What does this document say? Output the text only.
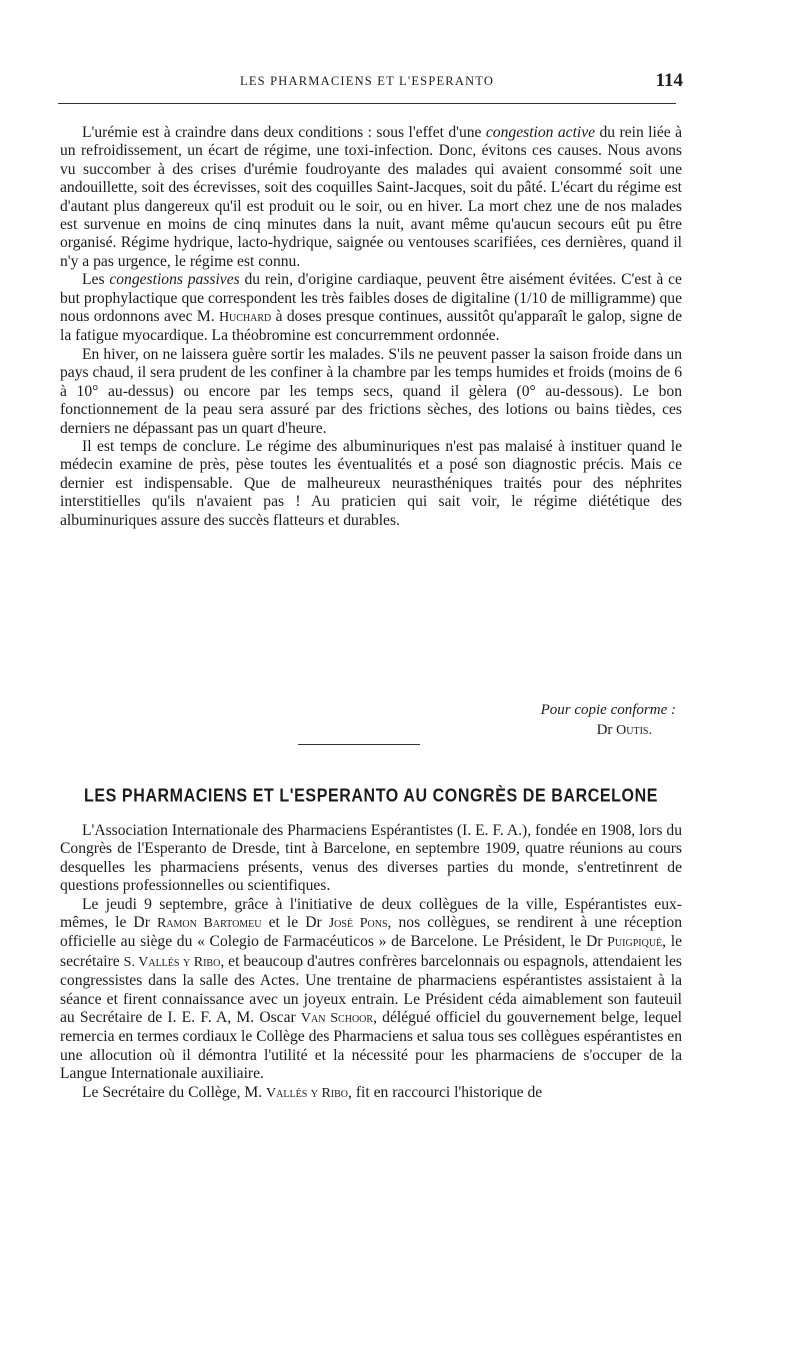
LES PHARMACIENS ET L'ESPERANTO	114

L'urémie est à craindre dans deux conditions : sous l'effet d'une congestion active du rein liée à un refroidissement, un écart de régime, une toxi-infection. Donc, évitons ces causes. Nous avons vu succomber à des crises d'urémie foudroyante des malades qui avaient consommé soit une andouillette, soit des écrevisses, soit des coquilles Saint-Jacques, soit du pâté. L'écart du régime est d'autant plus dangereux qu'il est produit ou le soir, ou en hiver. La mort chez une de nos malades est survenue en moins de cinq minutes dans la nuit, avant même qu'aucun secours eût pu être organisé. Régime hydrique, lacto-hydrique, saignée ou ventouses scarifiées, ces dernières, quand il n'y a pas urgence, le régime est connu.

Les congestions passives du rein, d'origine cardiaque, peuvent être aisément évitées. C'est à ce but prophylactique que correspondent les très faibles doses de digitaline (1/10 de milligramme) que nous ordonnons avec M. Huchard à doses presque continues, aussitôt qu'apparaît le galop, signe de la fatigue myocardique. La théobromine est concurremment ordonnée.

En hiver, on ne laissera guère sortir les malades. S'ils ne peuvent passer la saison froide dans un pays chaud, il sera prudent de les confiner à la chambre par les temps humides et froids (moins de 6 à 10° au-dessus) ou encore par les temps secs, quand il gèlera (0° au-dessous). Le bon fonctionnement de la peau sera assuré par des frictions sèches, des lotions ou bains tièdes, ces derniers ne dépassant pas un quart d'heure.

Il est temps de conclure. Le régime des albuminuriques n'est pas malaisé à instituer quand le médecin examine de près, pèse toutes les éventualités et a posé son diagnostic précis. Mais ce dernier est indispensable. Que de malheureux neurasthéniques traités pour des néphrites interstitielles qu'ils n'avaient pas ! Au praticien qui sait voir, le régime diététique des albuminuriques assure des succès flatteurs et durables.

Pour copie conforme :
Dr Outis.
LES PHARMACIENS ET L'ESPERANTO AU CONGRÈS DE BARCELONE

L'Association Internationale des Pharmaciens Espérantistes (I. E. F. A.), fondée en 1908, lors du Congrès de l'Esperanto de Dresde, tint à Barcelone, en septembre 1909, quatre réunions au cours desquelles les pharmaciens présents, venus des diverses parties du monde, s'entretinrent de questions professionnelles ou scientifiques.

Le jeudi 9 septembre, grâce à l'initiative de deux collègues de la ville, Espérantistes eux-mêmes, le Dr Ramon Bartomeu et le Dr José Pons, nos collègues, se rendirent à une réception officielle au siège du « Colegio de Farmacéuticos » de Barcelone. Le Président, le Dr Puigpiqué, le secrétaire S. Vallés y Ribo, et beaucoup d'autres confrères barcelonnais ou espagnols, attendaient les congressistes dans la salle des Actes. Une trentaine de pharmaciens espérantistes assistaient à la séance et firent connaissance avec un joyeux entrain. Le Président céda aimablement son fauteuil au Secrétaire de I. E. F. A, M. Oscar Van Schoor, délégué officiel du gouvernement belge, lequel remercia en termes cordiaux le Collège des Pharmaciens et salua tous ses collègues espérantistes en une allocution où il démontra l'utilité et la nécessité pour les pharmaciens de s'occuper de la Langue Internationale auxiliaire.

Le Secrétaire du Collège, M. Vallés y Ribo, fit en raccourci l'historique de
